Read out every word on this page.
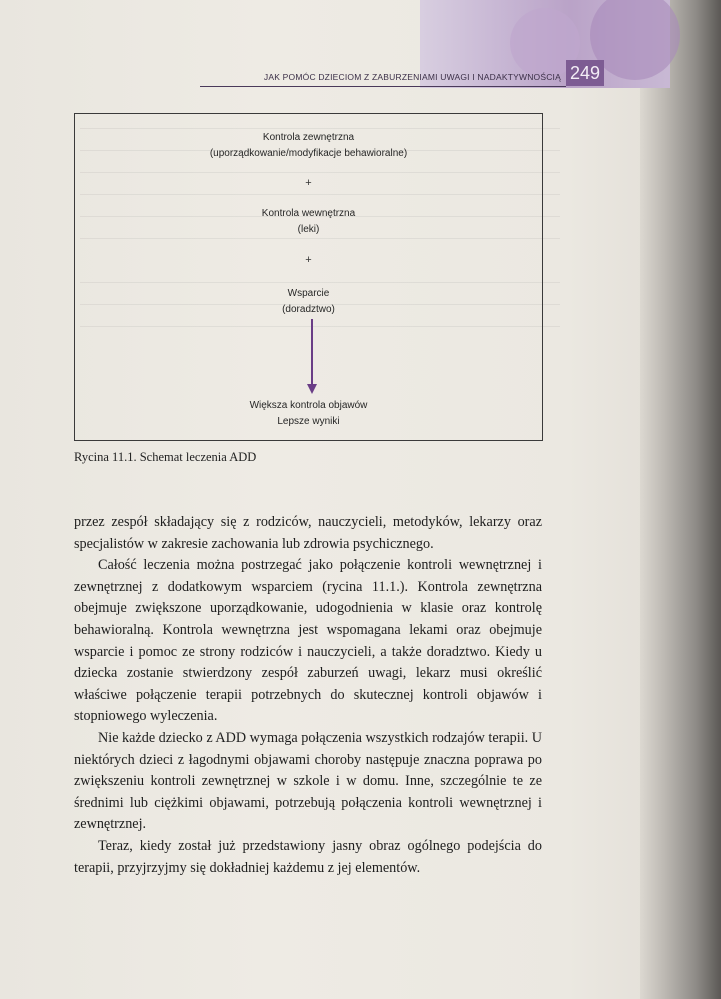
JAK POMÓC DZIECIOM Z ZABURZENIAMI UWAGI I NADAKTYWNOŚCIĄ 249
Kontrola zewnętrzna
(uporządkowanie/modyfikacje behawioralne)
+
Kontrola wewnętrzna
(leki)
+
Wsparcie
(doradztwo)
Większa kontrola objawów
Lepsze wyniki
Rycina 11.1. Schemat leczenia ADD

przez zespół składający się z rodziców, nauczycieli, metodyków, lekarzy oraz specjalistów w zakresie zachowania lub zdrowia psychicznego.

Całość leczenia można postrzegać jako połączenie kontroli wewnętrznej i zewnętrznej z dodatkowym wsparciem (rycina 11.1.). Kontrola zewnętrzna obejmuje zwiększone uporządkowanie, udogodnienia w klasie oraz kontrolę behawioralną. Kontrola wewnętrzna jest wspomagana lekami oraz obejmuje wsparcie i pomoc ze strony rodziców i nauczycieli, a także doradztwo. Kiedy u dziecka zostanie stwierdzony zespół zaburzeń uwagi, lekarz musi określić właściwe połączenie terapii potrzebnych do skutecznej kontroli objawów i stopniowego wyleczenia.

Nie każde dziecko z ADD wymaga połączenia wszystkich rodzajów terapii. U niektórych dzieci z łagodnymi objawami choroby następuje znaczna poprawa po zwiększeniu kontroli zewnętrznej w szkole i w domu. Inne, szczególnie te ze średnimi lub ciężkimi objawami, potrzebują połączenia kontroli wewnętrznej i zewnętrznej.

Teraz, kiedy został już przedstawiony jasny obraz ogólnego podejścia do terapii, przyjrzyjmy się dokładniej każdemu z jej elementów.
